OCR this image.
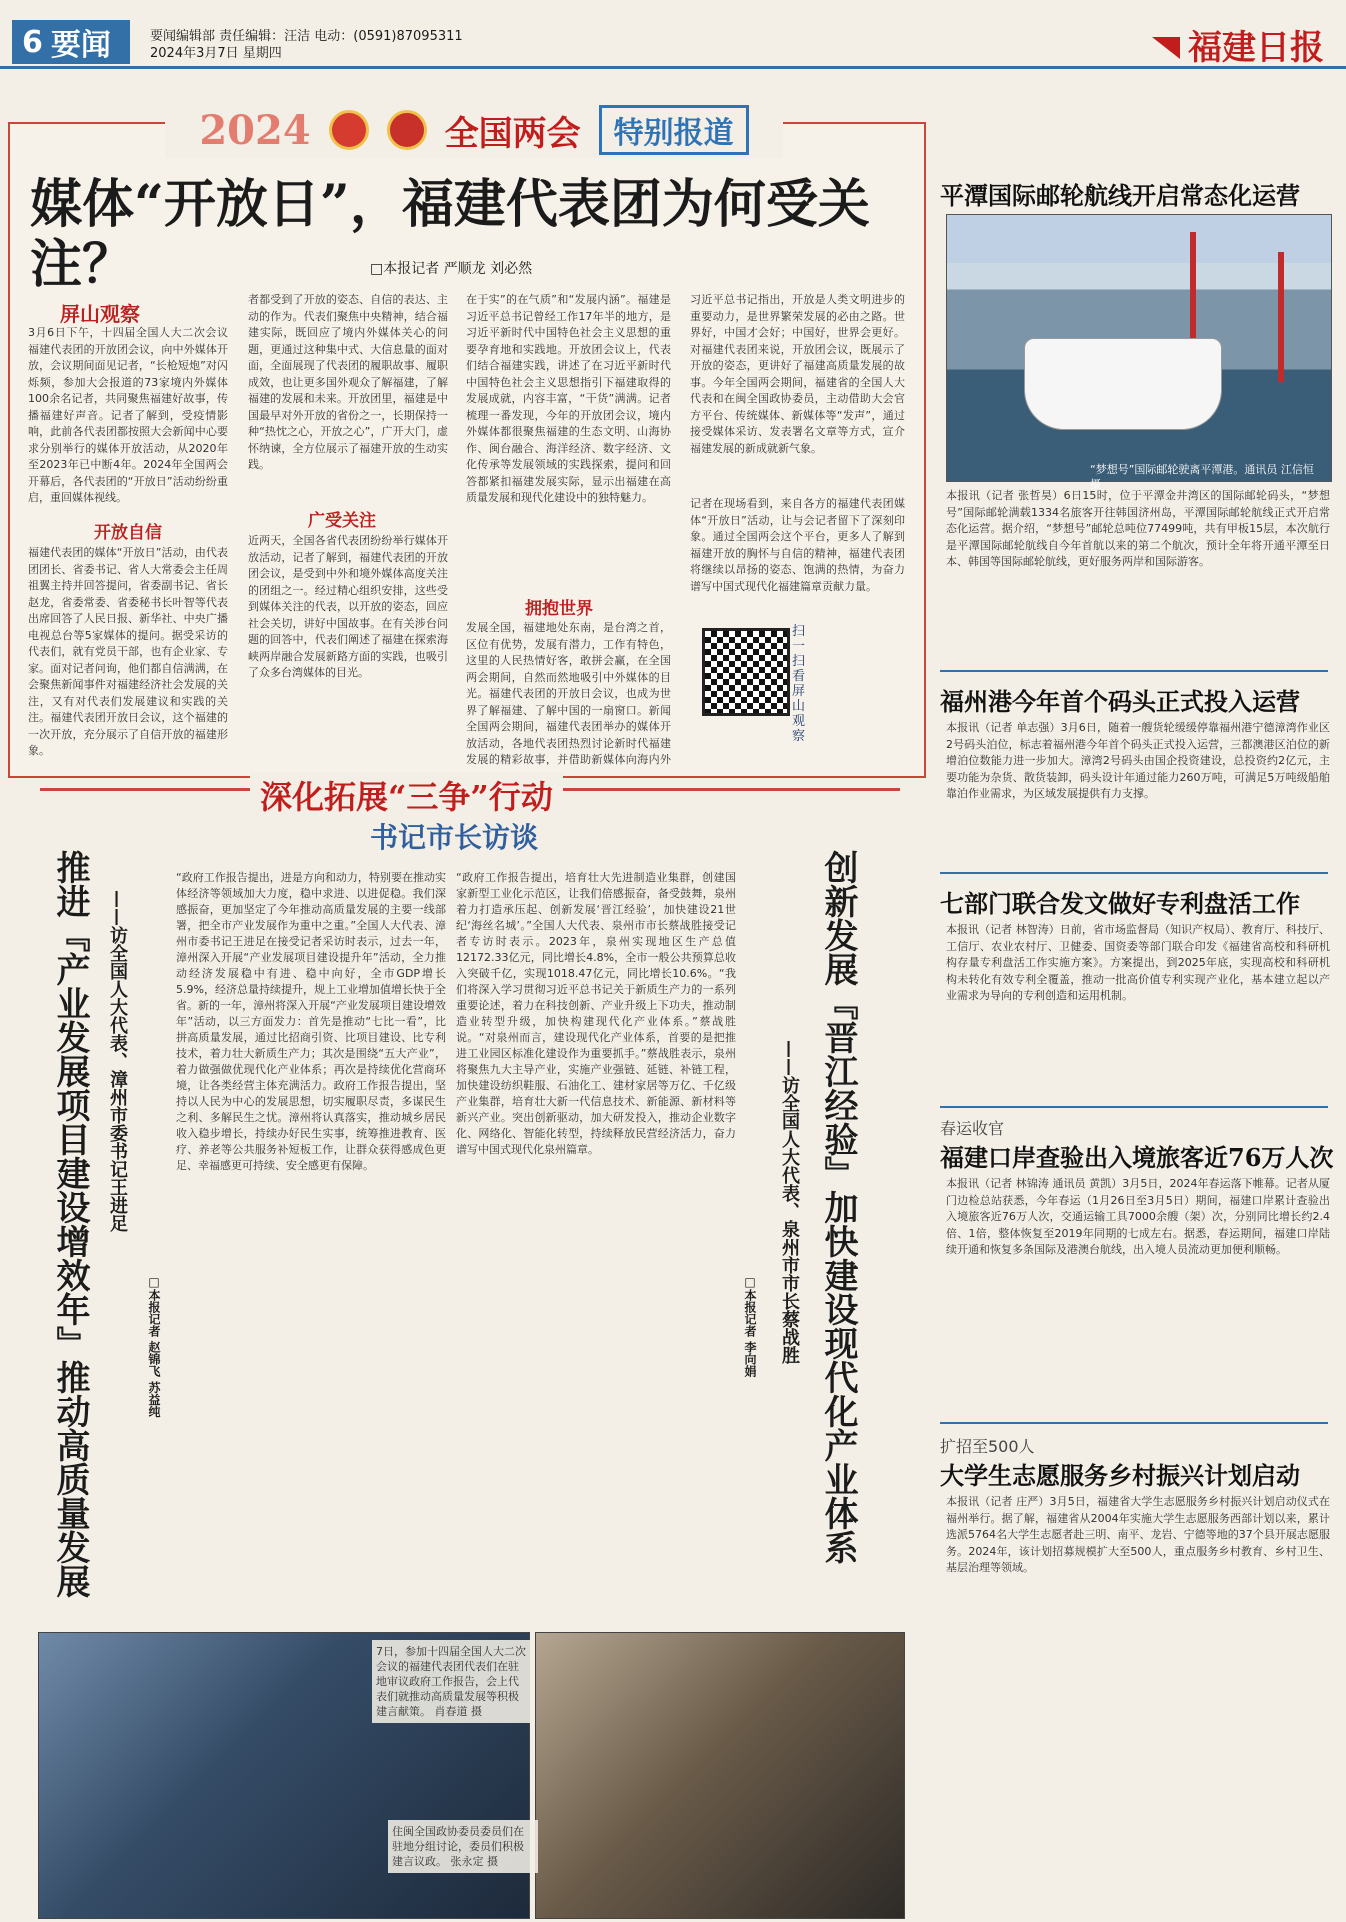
6 要闻	要闻编辑部 责任编辑：汪洁 电动：(0591)87095311
2024年3月7日 星期四	福建日报
2024	全国两会	特别报道
媒体“开放日”，福建代表团为何受关注？	□本报记者 严顺龙 刘必然
屏山观察
3月6日下午，十四届全国人大二次会议福建代表团的开放团会议，向中外媒体开放，会议期间面见记者，“长枪短炮”对闪烁频，参加大会报道的73家境内外媒体100余名记者，共同聚焦福建好故事，传播福建好声音。记者了解到，受疫情影响，此前各代表团都按照大会新闻中心要求分别举行的媒体开放活动，从2020年至2023年已中断4年。2024年全国两会开幕后，各代表团的“开放日”活动纷纷重启，重回媒体视线。
开放自信
福建代表团的媒体“开放日”活动，由代表团团长、省委书记、省人大常委会主任周祖翼主持并回答提问，省委副书记、省长赵龙，省委常委、省委秘书长叶智等代表出席回答了人民日报、新华社、中央广播电视总台等5家媒体的提问。据受采访的代表们，就有党员干部，也有企业家、专家。面对记者问询，他们都自信满满，在会聚焦新闻事件对福建经济社会发展的关注，又有对代表们发展建议和实践的关注。福建代表团开放日会议，这个福建的一次开放，充分展示了自信开放的福建形象。
者都受到了开放的姿态、自信的表达、主动的作为。代表们聚焦中央精神，结合福建实际，既回应了境内外媒体关心的问题，更通过这种集中式、大信息量的面对面，全面展现了代表团的履职故事、履职成效，也让更多国外观众了解福建，了解福建的发展和未来。开放团里，福建是中国最早对外开放的省份之一，长期保持一种“热忱之心，开放之心”，广开大门，虚怀纳谏，全方位展示了福建开放的生动实践。
广受关注
近两天，全国各省代表团纷纷举行媒体开放活动，记者了解到，福建代表团的开放团会议，是受到中外和境外媒体高度关注的团组之一。经过精心组织安排，这些受到媒体关注的代表，以开放的姿态，回应社会关切，讲好中国故事。在有关涉台问题的回答中，代表们阐述了福建在探索海峡两岸融合发展新路方面的实践，也吸引了众多台湾媒体的目光。
在于实”的在气质”和“发展内涵”。福建是习近平总书记曾经工作17年半的地方，是习近平新时代中国特色社会主义思想的重要孕育地和实践地。开放团会议上，代表们结合福建实践，讲述了在习近平新时代中国特色社会主义思想指引下福建取得的发展成就，内容丰富，“干货”满满。记者梳理一番发现，今年的开放团会议，境内外媒体都很聚焦福建的生态文明、山海协作、闽台融合、海洋经济、数字经济、文化传承等发展领域的实践探索，提问和回答都紧扣福建发展实际，显示出福建在高质量发展和现代化建设中的独特魅力。
拥抱世界
发展全国，福建地处东南，是台湾之首，区位有优势，发展有潜力，工作有特色，这里的人民热情好客，敢拼会赢，在全国两会期间，自然而然地吸引中外媒体的目光。福建代表团的开放日会议，也成为世界了解福建、了解中国的一扇窗口。新闻全国两会期间，福建代表团举办的媒体开放活动，各地代表团热烈讨论新时代福建发展的精彩故事，并借助新媒体向海内外
习近平总书记指出，开放是人类文明进步的重要动力，是世界繁荣发展的必由之路。世界好，中国才会好；中国好，世界会更好。对福建代表团来说，开放团会议，既展示了开放的姿态，更讲好了福建高质量发展的故事。今年全国两会期间，福建省的全国人大代表和在闽全国政协委员，主动借助大会官方平台、传统媒体、新媒体等“发声”，通过接受媒体采访、发表署名文章等方式，宣介福建发展的新成就新气象。
记者在现场看到，来自各方的福建代表团媒体“开放日”活动，让与会记者留下了深刻印象。通过全国两会这个平台，更多人了解到福建开放的胸怀与自信的精神，福建代表团将继续以昂扬的姿态、饱满的热情，为奋力谱写中国式现代化福建篇章贡献力量。
扫一扫 看屏山观察
深化拓展“三争”行动
书记市长访谈
推进『产业发展项目建设增效年』推动高质量发展 ——访全国人大代表、漳州市委书记王进足
□本报记者 赵锦飞 苏益纯
“政府工作报告提出，进是方向和动力，特别要在推动实体经济等领域加大力度，稳中求进、以进促稳。我们深感振奋，更加坚定了今年推动高质量发展的主要一线部署，把全市产业发展作为重中之重。”全国人大代表、漳州市委书记王进足在接受记者采访时表示，过去一年，漳州深入开展“产业发展项目建设提升年”活动，全力推动经济发展稳中有进、稳中向好，全市GDP增长5.9%，经济总量持续提升，规上工业增加值增长快于全省。新的一年，漳州将深入开展“产业发展项目建设增效年”活动，以三方面发力：首先是推动“七比一看”，比拼高质量发展，通过比招商引资、比项目建设、比专利技术，着力壮大新质生产力；其次是围绕“五大产业”，着力做强做优现代化产业体系；再次是持续优化营商环境，让各类经营主体充满活力。政府工作报告提出，坚持以人民为中心的发展思想，切实履职尽责，多谋民生之利、多解民生之忧。漳州将认真落实，推动城乡居民收入稳步增长，持续办好民生实事，统筹推进教育、医疗、养老等公共服务补短板工作，让群众获得感成色更足、幸福感更可持续、安全感更有保障。
“政府工作报告提出，培育壮大先进制造业集群，创建国家新型工业化示范区，让我们倍感振奋，备受鼓舞，泉州着力打造承压起、创新发展‘晋江经验’，加快建设21世纪‘海丝名城’。”全国人大代表、泉州市市长蔡战胜接受记者专访时表示。2023年，泉州实现地区生产总值12172.33亿元，同比增长4.8%，全市一般公共预算总收入突破千亿，实现1018.47亿元，同比增长10.6%。“我们将深入学习贯彻习近平总书记关于新质生产力的一系列重要论述，着力在科技创新、产业升级上下功夫，推动制造业转型升级，加快构建现代化产业体系。”蔡战胜说。“对泉州而言，建设现代化产业体系，首要的是把推进工业园区标准化建设作为重要抓手。”蔡战胜表示，泉州将聚焦九大主导产业，实施产业强链、延链、补链工程，加快建设纺织鞋服、石油化工、建材家居等万亿、千亿级产业集群，培育壮大新一代信息技术、新能源、新材料等新兴产业。突出创新驱动，加大研发投入，推动企业数字化、网络化、智能化转型，持续释放民营经济活力，奋力谱写中国式现代化泉州篇章。
□本报记者 李向娟 ——访全国人大代表、泉州市市长蔡战胜 创新发展『晋江经验』加快建设现代化产业体系
7日，参加十四届全国人大二次会议的福建代表团代表们在驻地审议政府工作报告，会上代表们就推动高质量发展等积极建言献策。 肖春道 摄
住闽全国政协委员委员们在驻地分组讨论，委员们积极建言议政。 张永定 摄
平潭国际邮轮航线开启常态化运营
“梦想号”国际邮轮驶离平潭港。通讯员 江信恒 摄
本报讯（记者 张哲昊）6日15时，位于平潭金井湾区的国际邮轮码头，“梦想号”国际邮轮满载1334名旅客开往韩国济州岛，平潭国际邮轮航线正式开启常态化运营。据介绍，“梦想号”邮轮总吨位77499吨，共有甲板15层，本次航行是平潭国际邮轮航线自今年首航以来的第二个航次，预计全年将开通平潭至日本、韩国等国际邮轮航线，更好服务两岸和国际游客。
福州港今年首个码头正式投入运营
本报讯（记者 单志强）3月6日，随着一艘货轮缓缓停靠福州港宁德漳湾作业区2号码头泊位，标志着福州港今年首个码头正式投入运营，三都澳港区泊位的新增泊位数能力进一步加大。漳湾2号码头由国企投资建设，总投资约2亿元，主要功能为杂货、散货装卸，码头设计年通过能力260万吨，可满足5万吨级船舶靠泊作业需求，为区域发展提供有力支撑。
七部门联合发文做好专利盘活工作
本报讯（记者 林智涛）日前，省市场监督局（知识产权局）、教育厅、科技厅、工信厅、农业农村厅、卫健委、国资委等部门联合印发《福建省高校和科研机构存量专利盘活工作实施方案》。方案提出，到2025年底，实现高校和科研机构未转化有效专利全覆盖，推动一批高价值专利实现产业化，基本建立起以产业需求为导向的专利创造和运用机制。
春运收官
福建口岸查验出入境旅客近76万人次
本报讯（记者 林锦涛 通讯员 黄凯）3月5日，2024年春运落下帷幕。记者从厦门边检总站获悉，今年春运（1月26日至3月5日）期间，福建口岸累计查验出入境旅客近76万人次，交通运输工具7000余艘（架）次，分别同比增长约2.4倍、1倍，整体恢复至2019年同期的七成左右。据悉，春运期间，福建口岸陆续开通和恢复多条国际及港澳台航线，出入境人员流动更加便利顺畅。
扩招至500人
大学生志愿服务乡村振兴计划启动
本报讯（记者 庄严）3月5日，福建省大学生志愿服务乡村振兴计划启动仪式在福州举行。据了解，福建省从2004年实施大学生志愿服务西部计划以来，累计选派5764名大学生志愿者赴三明、南平、龙岩、宁德等地的37个县开展志愿服务。2024年，该计划招募规模扩大至500人，重点服务乡村教育、乡村卫生、基层治理等领域。
